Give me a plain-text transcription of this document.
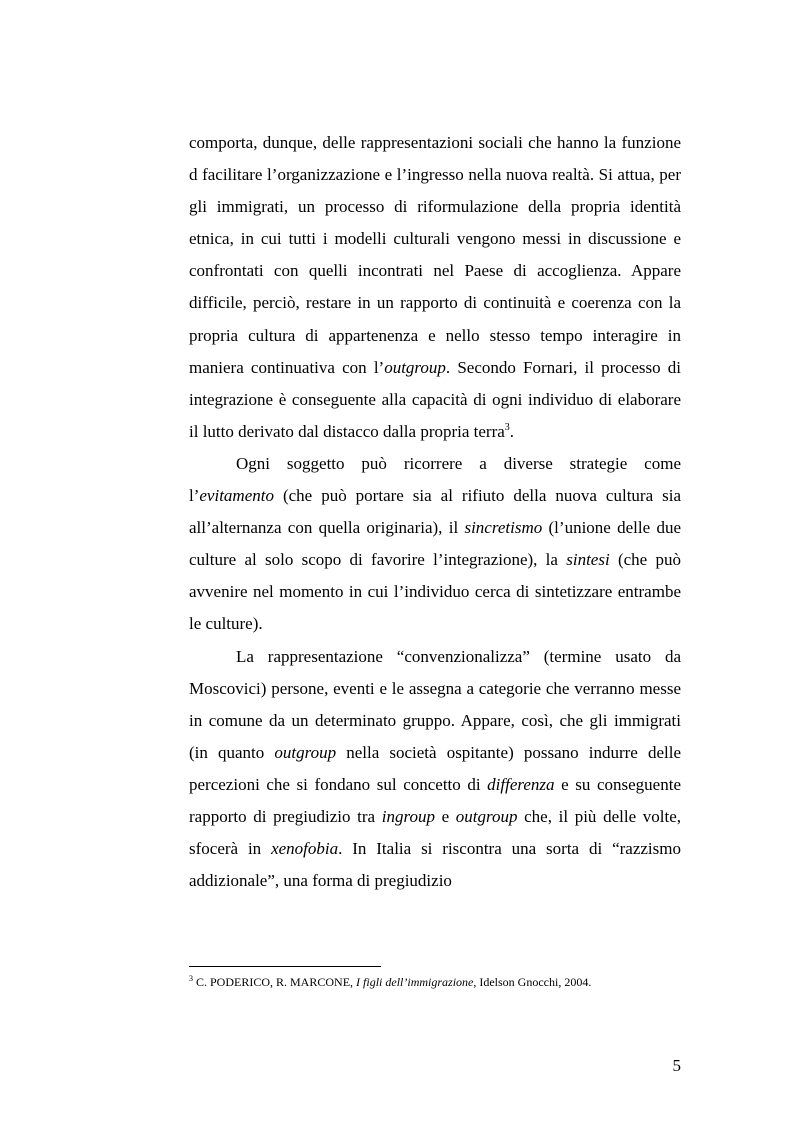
comporta, dunque, delle rappresentazioni sociali che hanno la funzione d facilitare l’organizzazione e l’ingresso nella nuova realtà. Si attua, per gli immigrati, un processo di riformulazione della propria identità etnica, in cui tutti i modelli culturali vengono messi in discussione e confrontati con quelli incontrati nel Paese di accoglienza. Appare difficile, perciò, restare in un rapporto di continuità e coerenza con la propria cultura di appartenenza e nello stesso tempo interagire in maniera continuativa con l’outgroup. Secondo Fornari, il processo di integrazione è conseguente alla capacità di ogni individuo di elaborare il lutto derivato dal distacco dalla propria terra$^3$.

Ogni soggetto può ricorrere a diverse strategie come l’evitamento (che può portare sia al rifiuto della nuova cultura sia all’alternanza con quella originaria), il sincretismo (l’unione delle due culture al solo scopo di favorire l’integrazione), la sintesi (che può avvenire nel momento in cui l’individuo cerca di sintetizzare entrambe le culture).

La rappresentazione “convenzionalizza” (termine usato da Moscovici) persone, eventi e le assegna a categorie che verranno messe in comune da un determinato gruppo. Appare, così, che gli immigrati (in quanto outgroup nella società ospitante) possano indurre delle percezioni che si fondano sul concetto di differenza e su conseguente rapporto di pregiudizio tra ingroup e outgroup che, il più delle volte, sfocerà in xenofobia. In Italia si riscontra una sorta di “razzismo addizionale”, una forma di pregiudizio

$^3$ C. PODERICO, R. MARCONE, I figli dell’immigrazione, Idelson Gnocchi, 2004.
5
